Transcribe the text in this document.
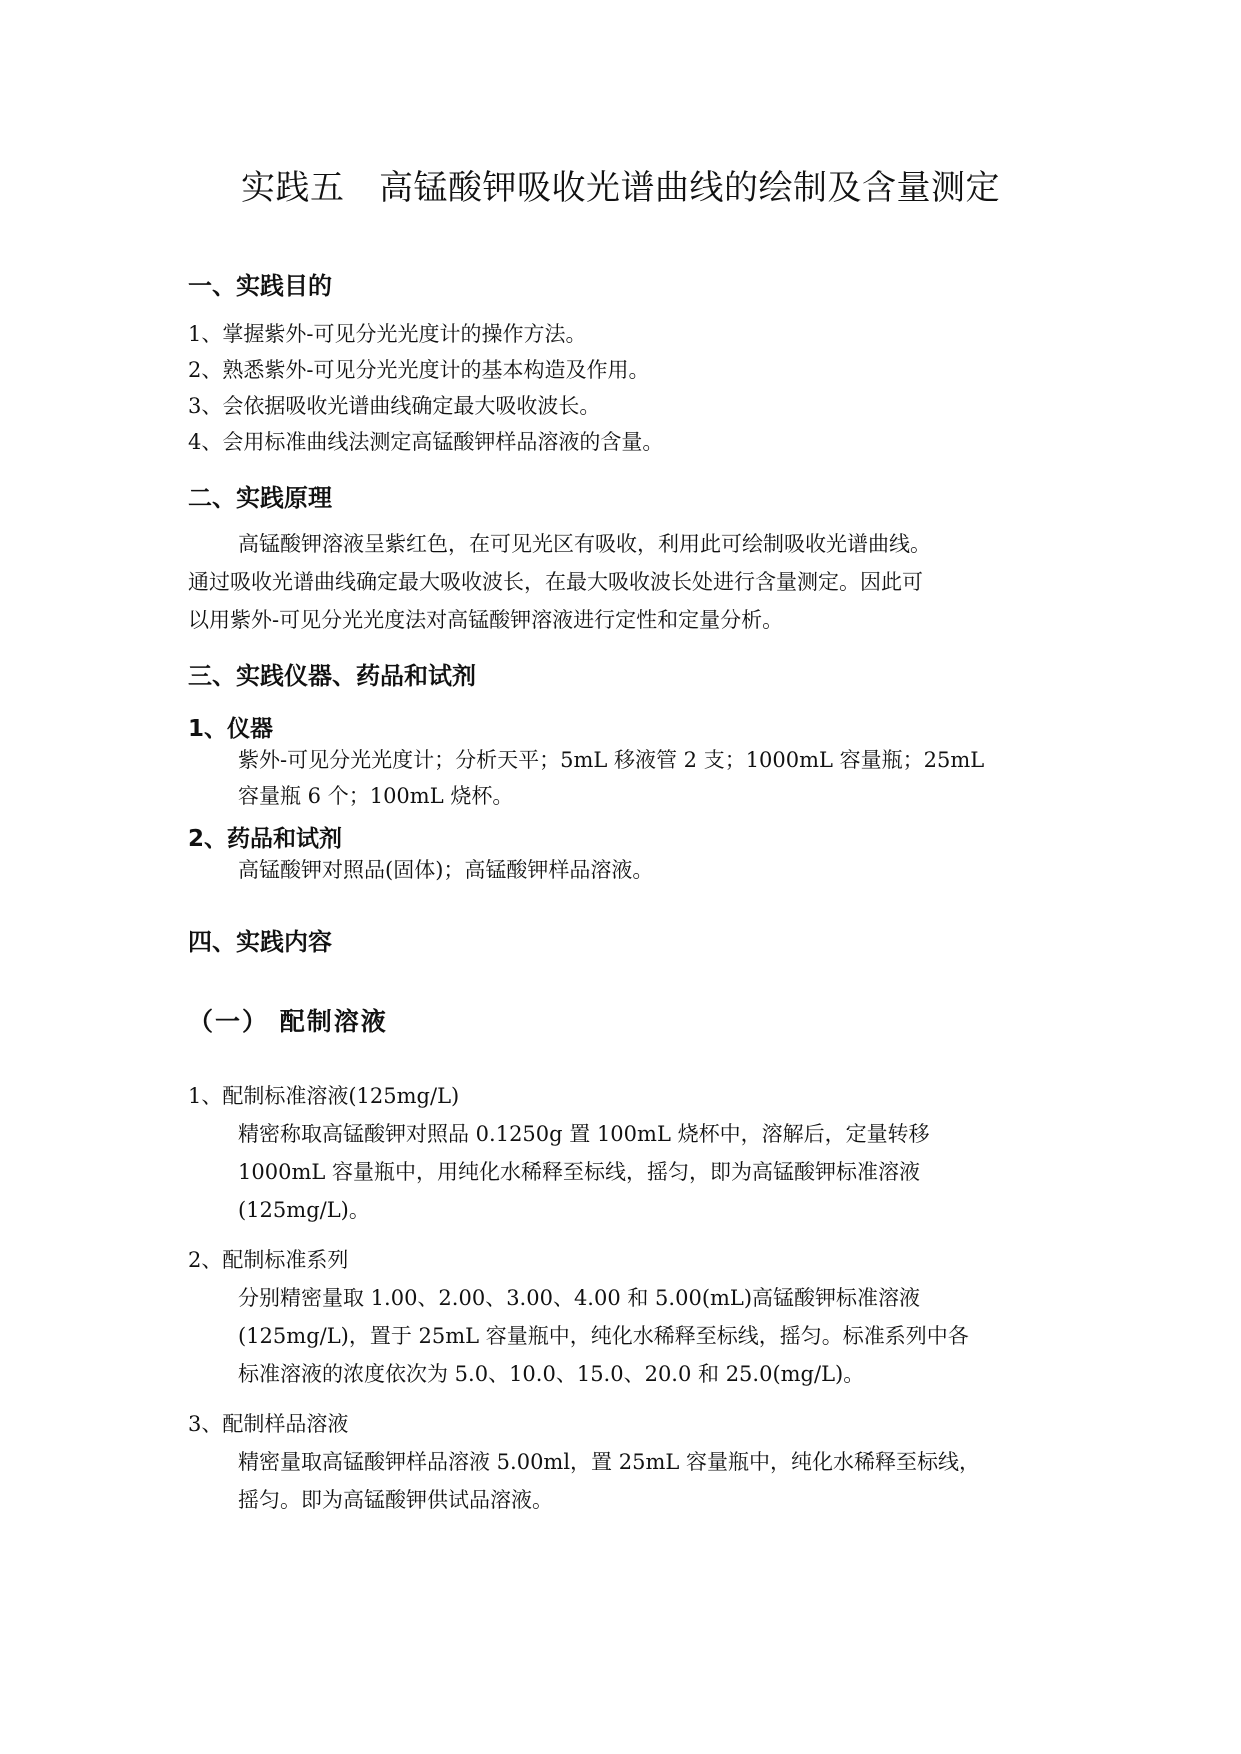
实践五　高锰酸钾吸收光谱曲线的绘制及含量测定
一、实践目的
1、掌握紫外-可见分光光度计的操作方法。
2、熟悉紫外-可见分光光度计的基本构造及作用。
3、会依据吸收光谱曲线确定最大吸收波长。
4、会用标准曲线法测定高锰酸钾样品溶液的含量。
二、实践原理
高锰酸钾溶液呈紫红色，在可见光区有吸收，利用此可绘制吸收光谱曲线。
通过吸收光谱曲线确定最大吸收波长，在最大吸收波长处进行含量测定。因此可
以用紫外-可见分光光度法对高锰酸钾溶液进行定性和定量分析。
三、实践仪器、药品和试剂
1、仪器
紫外-可见分光光度计；分析天平；5mL 移液管 2 支；1000mL 容量瓶；25mL
容量瓶 6 个；100mL 烧杯。
2、药品和试剂
高锰酸钾对照品(固体)；高锰酸钾样品溶液。
四、实践内容
（一） 配制溶液
1、配制标准溶液(125mg/L)
精密称取高锰酸钾对照品 0.1250g 置 100mL 烧杯中，溶解后，定量转移
1000mL 容量瓶中，用纯化水稀释至标线，摇匀，即为高锰酸钾标准溶液
(125mg/L)。
2、配制标准系列
分别精密量取 1.00、2.00、3.00、4.00 和 5.00(mL)高锰酸钾标准溶液
(125mg/L)，置于 25mL 容量瓶中，纯化水稀释至标线，摇匀。标准系列中各
标准溶液的浓度依次为 5.0、10.0、15.0、20.0 和 25.0(mg/L)。
3、配制样品溶液
精密量取高锰酸钾样品溶液 5.00ml，置 25mL 容量瓶中，纯化水稀释至标线，
摇匀。即为高锰酸钾供试品溶液。
